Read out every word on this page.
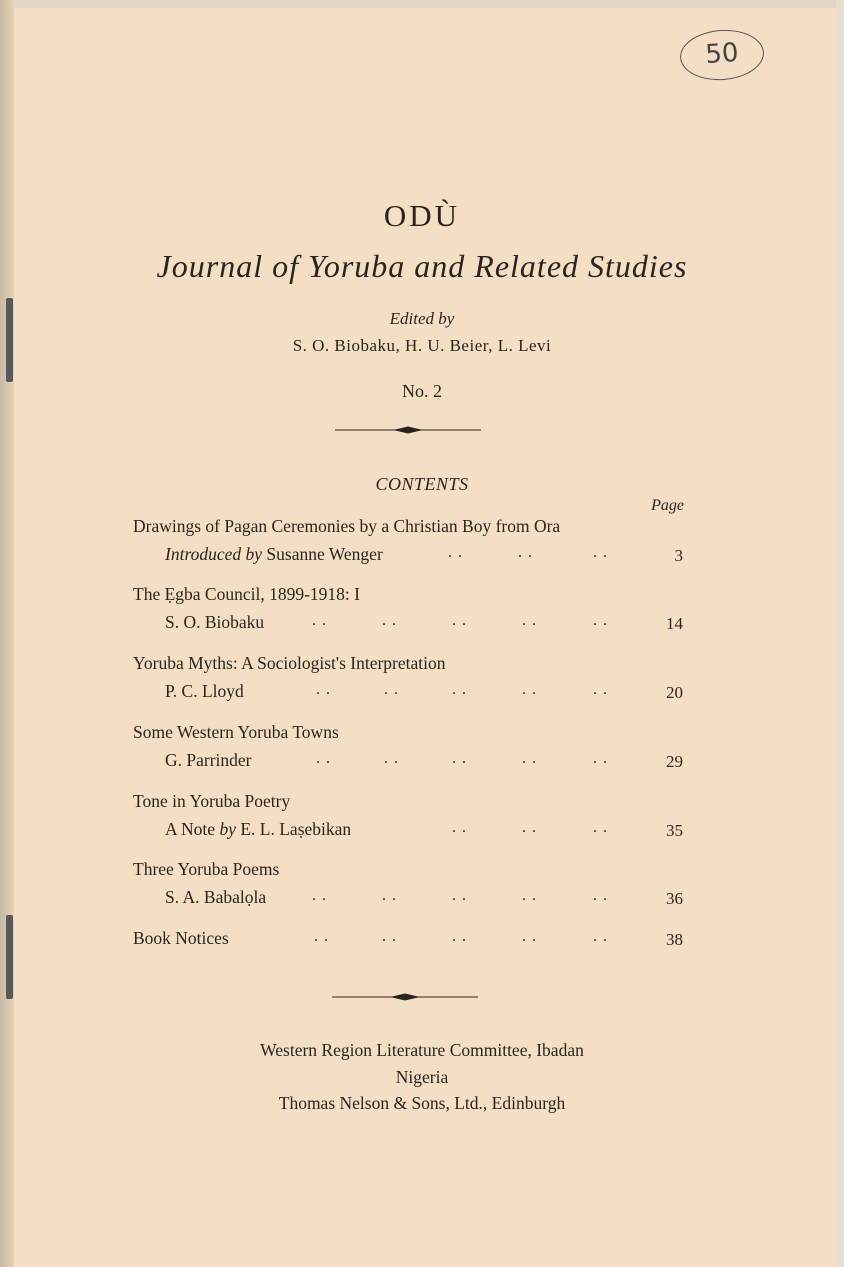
50
ODÙ
Journal of Yoruba and Related Studies
Edited by
S. O. Biobaku, H. U. Beier, L. Levi
No. 2
CONTENTS
Page
Drawings of Pagan Ceremonies by a Christian Boy from Ora
Introduced by Susanne Wenger	. .	. .	. .	3
The Ẹgba Council, 1899-1918: I
S. O. Biobaku	. .	. .	. .	. .	. .	14
Yoruba Myths: A Sociologist's Interpretation
P. C. Lloyd	. .	. .	. .	. .	. .	20
Some Western Yoruba Towns
G. Parrinder	. .	. .	. .	. .	. .	29
Tone in Yoruba Poetry
A Note by E. L. Laṣebikan	. .	. .	. .	35
Three Yoruba Poems
S. A. Babalọla	. .	. .	. .	. .	. .	36
Book Notices	. .	. .	. .	. .	. .	38
Western Region Literature Committee, Ibadan
Nigeria
Thomas Nelson & Sons, Ltd., Edinburgh
